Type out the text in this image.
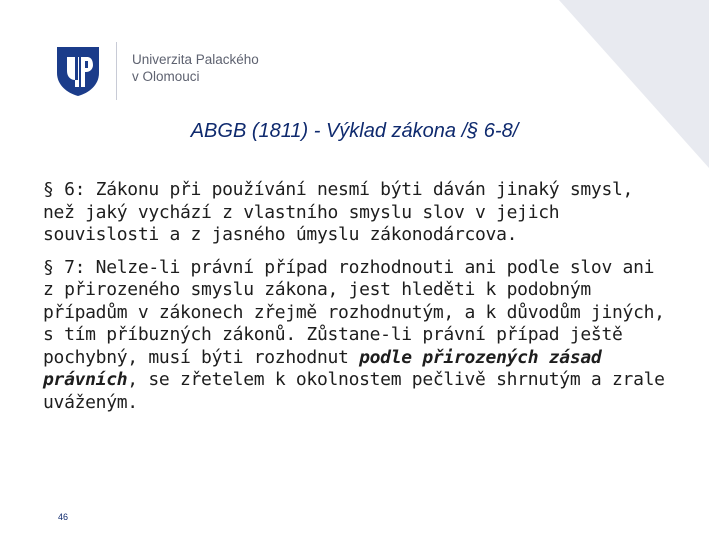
Univerzita Palackého
v Olomouci
ABGB (1811) - Výklad zákona /§ 6-8/

§ 6: Zákonu při používání nesmí býti dáván jinaký smysl, než jaký vychází z vlastního smyslu slov v jejich souvislosti a z jasného úmyslu zákonodárcova.

§ 7: Nelze-li právní případ rozhodnouti ani podle slov ani z přirozeného smyslu zákona, jest hleděti k podobným případům v zákonech zřejmě rozhodnutým, a k důvodům jiných, s tím příbuzných zákonů. Zůstane-li právní případ ještě pochybný, musí býti rozhodnut podle přirozených zásad právních, se zřetelem k okolnostem pečlivě shrnutým a zrale uváženým.

46
